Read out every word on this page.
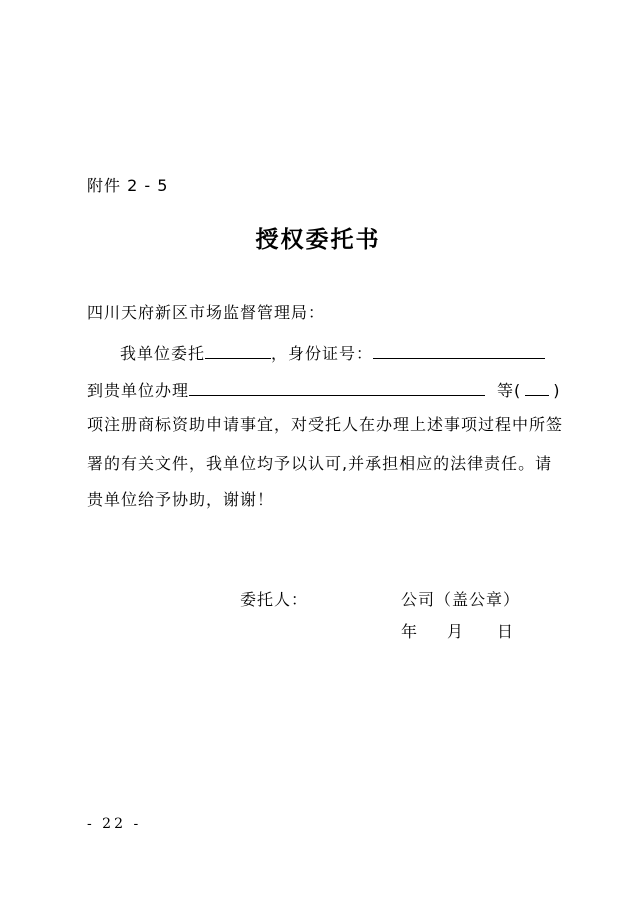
附件 2 - 5
授权委托书
四川天府新区市场监督管理局：
我单位委托	，身份证号：
到贵单位办理	等( )
项注册商标资助申请事宜，对受托人在办理上述事项过程中所签
署的有关文件，我单位均予以认可,并承担相应的法律责任。请
贵单位给予协助，谢谢！
委托人：	公司（盖公章）
年 月 日
- 22 -
